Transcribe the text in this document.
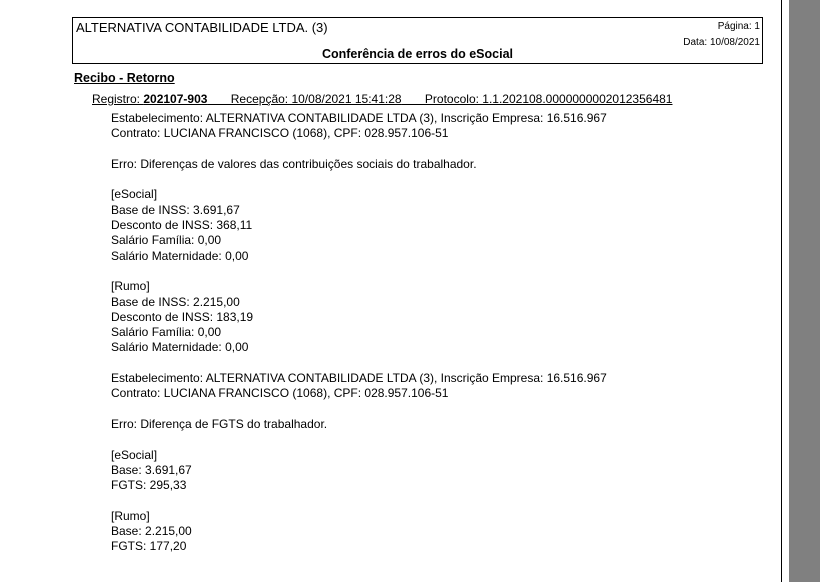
ALTERNATIVA CONTABILIDADE LTDA. (3)	Página: 1
Data: 10/08/2021
Conferência de erros do eSocial
Recibo - Retorno
Registro: 202107-903       Recepção: 10/08/2021 15:41:28       Protocolo: 1.1.202108.0000000002012356481
Estabelecimento: ALTERNATIVA CONTABILIDADE LTDA (3), Inscrição Empresa: 16.516.967
Contrato: LUCIANA FRANCISCO (1068), CPF: 028.957.106-51
Erro: Diferenças de valores das contribuições sociais do trabalhador.
[eSocial]
Base de INSS: 3.691,67
Desconto de INSS: 368,11
Salário Família: 0,00
Salário Maternidade: 0,00
[Rumo]
Base de INSS: 2.215,00
Desconto de INSS: 183,19
Salário Família: 0,00
Salário Maternidade: 0,00
Estabelecimento: ALTERNATIVA CONTABILIDADE LTDA (3), Inscrição Empresa: 16.516.967
Contrato: LUCIANA FRANCISCO (1068), CPF: 028.957.106-51
Erro: Diferença de FGTS do trabalhador.
[eSocial]
Base: 3.691,67
FGTS: 295,33
[Rumo]
Base: 2.215,00
FGTS: 177,20
